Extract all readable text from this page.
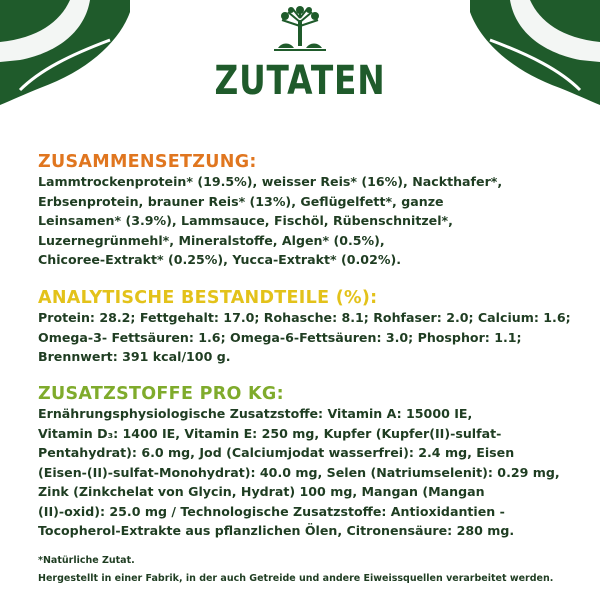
ZUTATEN
ZUSAMMENSETZUNG:
Lammtrockenprotein* (19.5%), weisser Reis* (16%), Nackthafer*,
Erbsenprotein, brauner Reis* (13%), Geflügelfett*, ganze
Leinsamen* (3.9%), Lammsauce, Fischöl, Rübenschnitzel*,
Luzernegrünmehl*, Mineralstoffe, Algen* (0.5%),
Chicoree-Extrakt* (0.25%), Yucca-Extrakt* (0.02%).
ANALYTISCHE BESTANDTEILE (%):
Protein: 28.2; Fettgehalt: 17.0; Rohasche: 8.1; Rohfaser: 2.0; Calcium: 1.6;
Omega-3- Fettsäuren: 1.6; Omega-6-Fettsäuren: 3.0; Phosphor: 1.1;
Brennwert: 391 kcal/100 g.
ZUSATZSTOFFE PRO KG:
Ernährungsphysiologische Zusatzstoffe: Vitamin A: 15000 IE,
Vitamin D₃: 1400 IE, Vitamin E: 250 mg, Kupfer (Kupfer(II)-sulfat-
Pentahydrat): 6.0 mg, Jod (Calciumjodat wasserfrei): 2.4 mg, Eisen
(Eisen-(II)-sulfat-Monohydrat): 40.0 mg, Selen (Natriumselenit): 0.29 mg,
Zink (Zinkchelat von Glycin, Hydrat) 100 mg, Mangan (Mangan
(II)-oxid): 25.0 mg / Technologische Zusatzstoffe: Antioxidantien -
Tocopherol-Extrakte aus pflanzlichen Ölen, Citronensäure: 280 mg.
*Natürliche Zutat.
Hergestellt in einer Fabrik, in der auch Getreide und andere Eiweissquellen verarbeitet werden.
